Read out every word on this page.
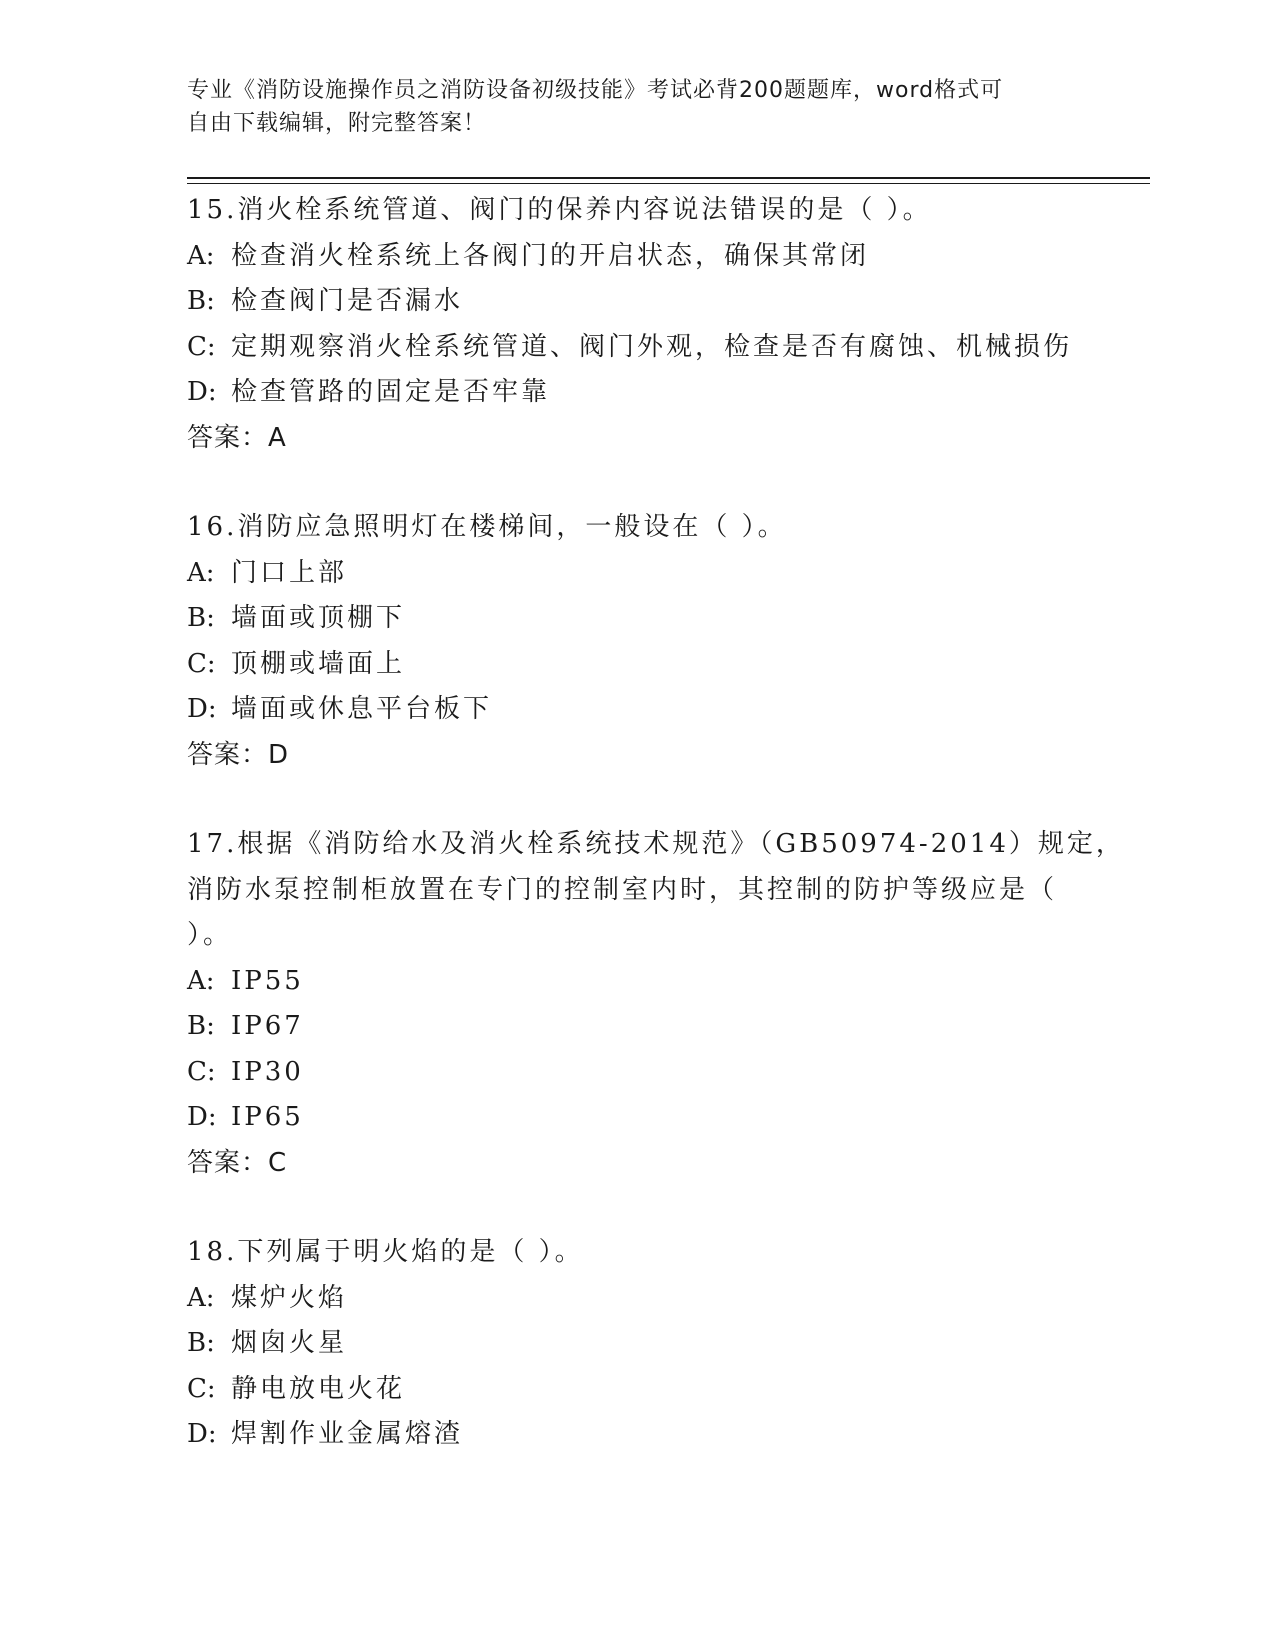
专业《消防设施操作员之消防设备初级技能》考试必背200题题库，word格式可
自由下载编辑，附完整答案！
15.消火栓系统管道、阀门的保养内容说法错误的是（ ）。
A: 检查消火栓系统上各阀门的开启状态，确保其常闭
B: 检查阀门是否漏水
C: 定期观察消火栓系统管道、阀门外观，检查是否有腐蚀、机械损伤
D: 检查管路的固定是否牢靠
答案：A
16.消防应急照明灯在楼梯间，一般设在（ ）。
A: 门口上部
B: 墙面或顶棚下
C: 顶棚或墙面上
D: 墙面或休息平台板下
答案：D
17.根据《消防给水及消火栓系统技术规范》（GB50974-2014）规定，
消防水泵控制柜放置在专门的控制室内时，其控制的防护等级应是（
）。
A: IP55
B: IP67
C: IP30
D: IP65
答案：C
18.下列属于明火焰的是（ ）。
A: 煤炉火焰
B: 烟囱火星
C: 静电放电火花
D: 焊割作业金属熔渣
